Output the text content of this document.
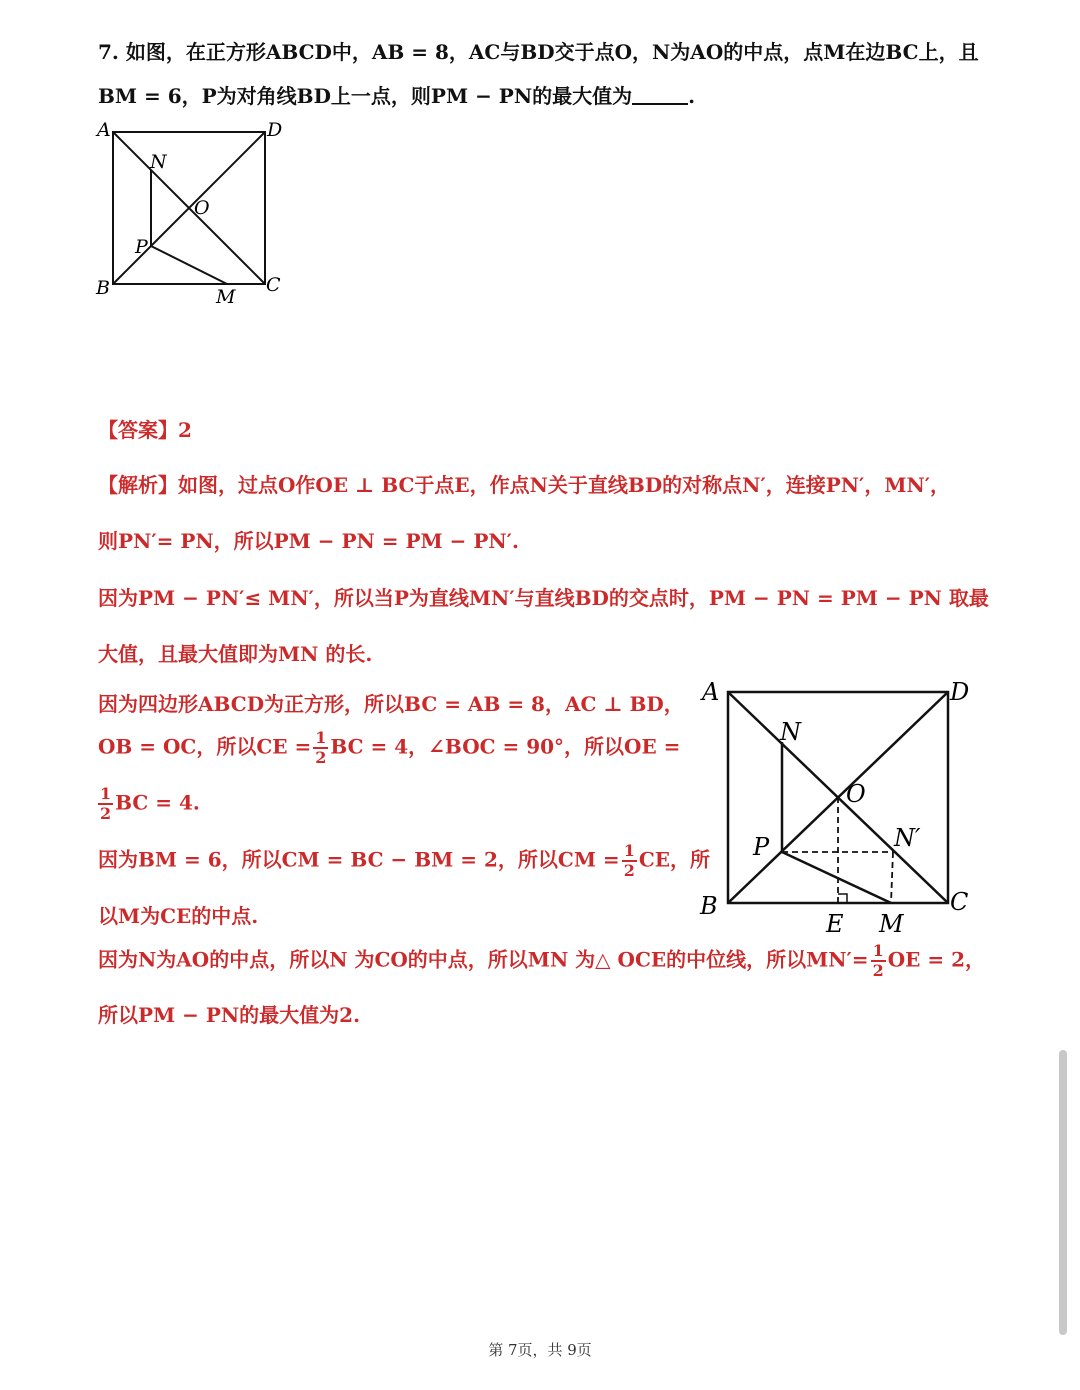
7. 如图，在正方形ABCD中，AB = 8，AC与BD交于点O，N为AO的中点，点M在边BC上，且
BM = 6，P为对角线BD上一点，则PM − PN的最大值为	.
A	D
B	C
N
O
P
M
【答案】2
【解析】如图，过点O作OE ⊥ BC于点E，作点N关于直线BD的对称点N′，连接PN′，MN′，
则PN′= PN，所以PM − PN = PM − PN′.
因为PM − PN′≤ MN′，所以当P为直线MN′与直线BD的交点时，PM − PN = PM − PN 取最
大值，且最大值即为MN 的长.
因为四边形ABCD为正方形，所以BC = AB = 8，AC ⊥ BD，
OB = OC，所以CE = $\frac{1}{2}$ BC = 4，∠BOC = 90°，所以OE =
$\frac{1}{2}$ BC = 4.
因为BM = 6，所以CM = BC − BM = 2，所以CM = $\frac{1}{2}$ CE，所
以M为CE的中点.
因为N为AO的中点，所以N 为CO的中点，所以MN 为△ OCE的中位线，所以$MN'= \frac{1}{2}$ OE = 2，
所以PM − PN的最大值为2.
A	D
B	C
N
O
P	N′
E M
第 7页，共 9页
